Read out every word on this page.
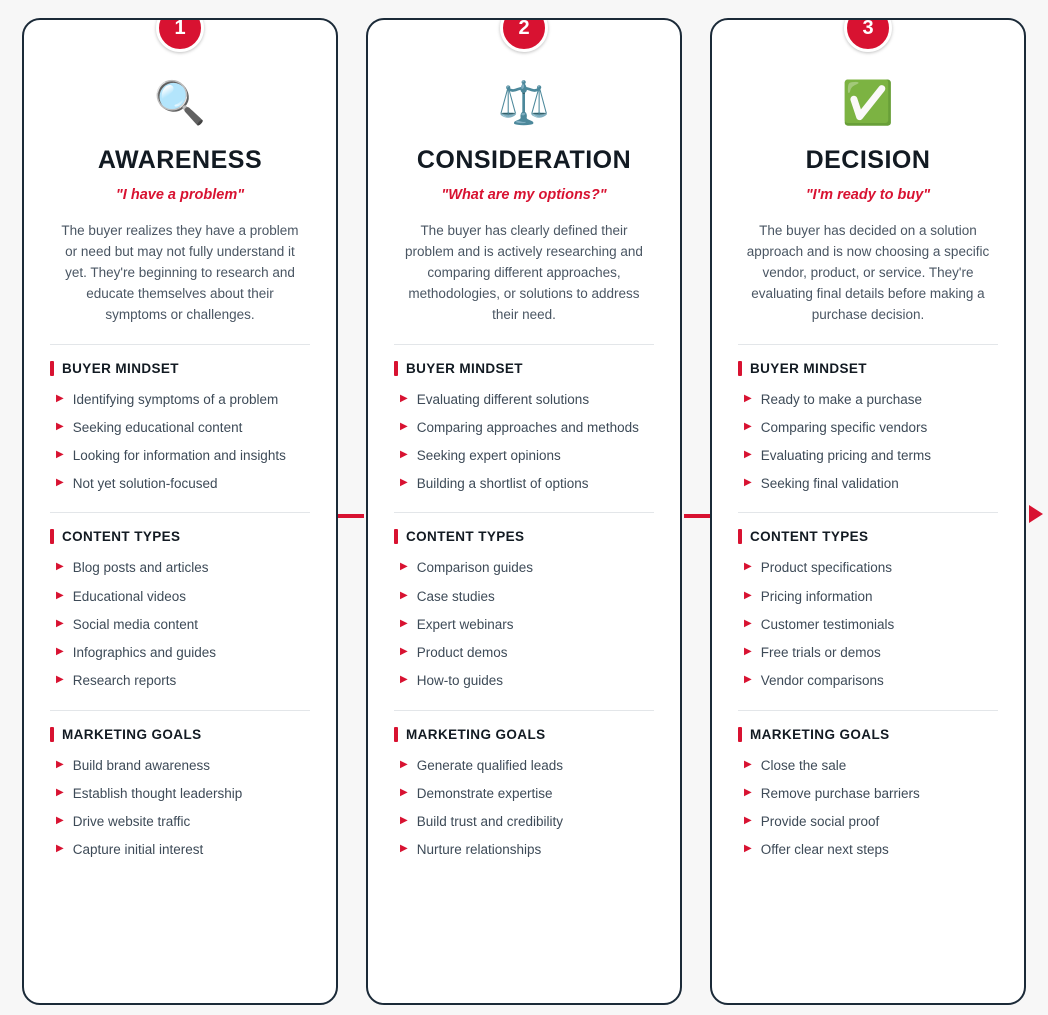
1
🔍
AWARENESS
"I have a problem"
The buyer realizes they have a problem or need but may not fully understand it yet. They're beginning to research and educate themselves about their symptoms or challenges.
BUYER MINDSET
▶ Identifying symptoms of a problem
▶ Seeking educational content
▶ Looking for information and insights
▶ Not yet solution-focused
CONTENT TYPES
▶ Blog posts and articles
▶ Educational videos
▶ Social media content
▶ Infographics and guides
▶ Research reports
MARKETING GOALS
▶ Build brand awareness
▶ Establish thought leadership
▶ Drive website traffic
▶ Capture initial interest
2
⚖️
CONSIDERATION
"What are my options?"
The buyer has clearly defined their problem and is actively researching and comparing different approaches, methodologies, or solutions to address their need.
BUYER MINDSET
▶ Evaluating different solutions
▶ Comparing approaches and methods
▶ Seeking expert opinions
▶ Building a shortlist of options
CONTENT TYPES
▶ Comparison guides
▶ Case studies
▶ Expert webinars
▶ Product demos
▶ How-to guides
MARKETING GOALS
▶ Generate qualified leads
▶ Demonstrate expertise
▶ Build trust and credibility
▶ Nurture relationships
3
✅
DECISION
"I'm ready to buy"
The buyer has decided on a solution approach and is now choosing a specific vendor, product, or service. They're evaluating final details before making a purchase decision.
BUYER MINDSET
▶ Ready to make a purchase
▶ Comparing specific vendors
▶ Evaluating pricing and terms
▶ Seeking final validation
CONTENT TYPES
▶ Product specifications
▶ Pricing information
▶ Customer testimonials
▶ Free trials or demos
▶ Vendor comparisons
MARKETING GOALS
▶ Close the sale
▶ Remove purchase barriers
▶ Provide social proof
▶ Offer clear next steps
